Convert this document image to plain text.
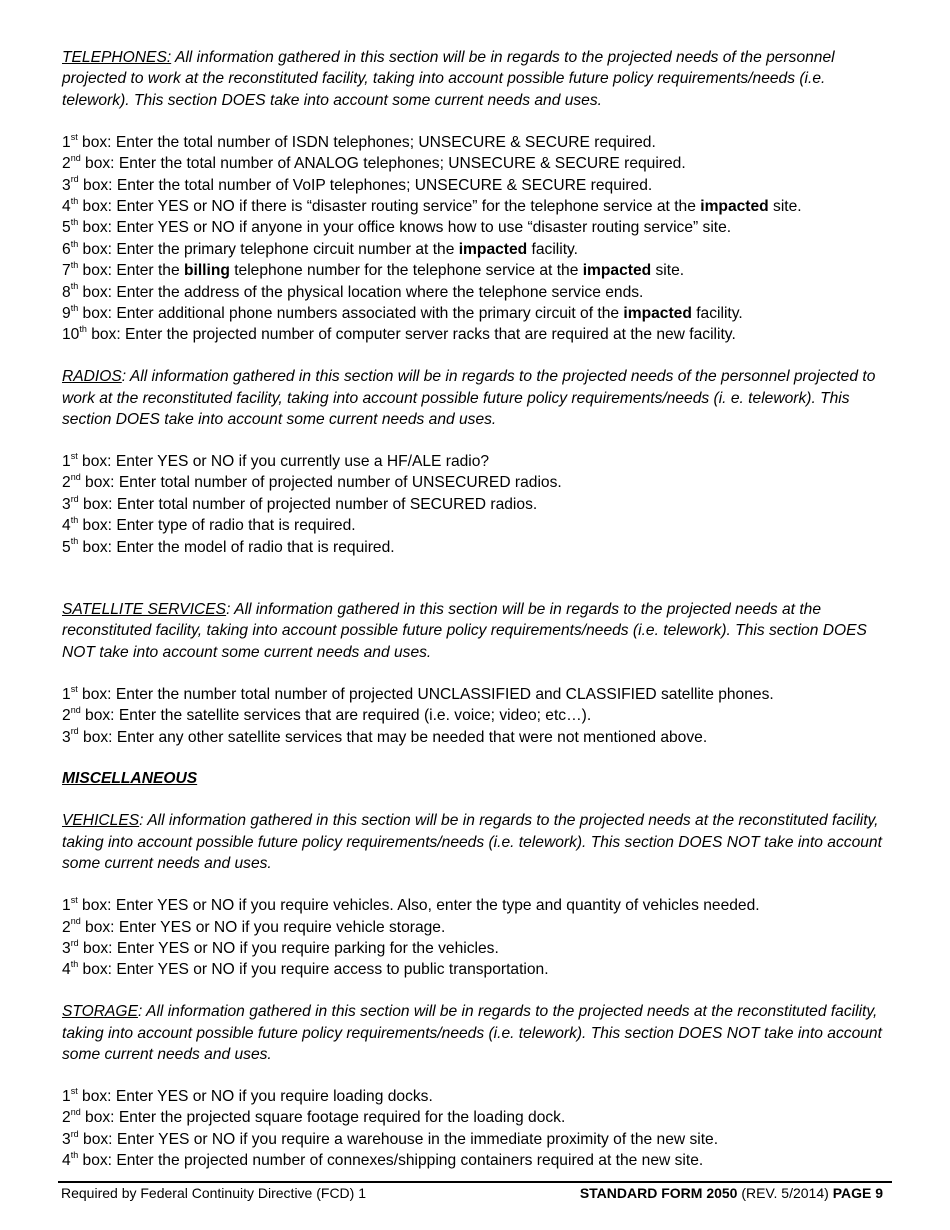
TELEPHONES: All information gathered in this section will be in regards to the projected needs of the personnel projected to work at the reconstituted facility, taking into account possible future policy requirements/needs (i.e. telework). This section DOES take into account some current needs and uses.

1st box: Enter the total number of ISDN telephones; UNSECURE & SECURE required.

2nd box: Enter the total number of ANALOG telephones; UNSECURE & SECURE required.

3rd box: Enter the total number of VoIP telephones; UNSECURE & SECURE required.

4th box: Enter YES or NO if there is “disaster routing service” for the telephone service at the impacted site.

5th box: Enter YES or NO if anyone in your office knows how to use “disaster routing service” site.

6th box: Enter the primary telephone circuit number at the impacted facility.

7th box: Enter the billing telephone number for the telephone service at the impacted site.

8th box: Enter the address of the physical location where the telephone service ends.

9th box: Enter additional phone numbers associated with the primary circuit of the impacted facility.

10th box: Enter the projected number of computer server racks that are required at the new facility.

RADIOS: All information gathered in this section will be in regards to the projected needs of the personnel projected to work at the reconstituted facility, taking into account possible future policy requirements/needs (i. e. telework). This section DOES take into account some current needs and uses.

1st box: Enter YES or NO if you currently use a HF/ALE radio?

2nd box: Enter total number of projected number of UNSECURED radios.

3rd box: Enter total number of projected number of SECURED radios.

4th box: Enter type of radio that is required.

5th box: Enter the model of radio that is required.

SATELLITE SERVICES: All information gathered in this section will be in regards to the projected needs at the reconstituted facility, taking into account possible future policy requirements/needs (i.e. telework). This section DOES NOT take into account some current needs and uses.

1st box: Enter the number total number of projected UNCLASSIFIED and CLASSIFIED satellite phones.

2nd box: Enter the satellite services that are required (i.e. voice; video; etc…).

3rd box: Enter any other satellite services that may be needed that were not mentioned above.

MISCELLANEOUS

VEHICLES: All information gathered in this section will be in regards to the projected needs at the reconstituted facility, taking into account possible future policy requirements/needs (i.e. telework). This section DOES NOT take into account some current needs and uses.

1st box: Enter YES or NO if you require vehicles. Also, enter the type and quantity of vehicles needed.

2nd box: Enter YES or NO if you require vehicle storage.

3rd box: Enter YES or NO if you require parking for the vehicles.

4th box: Enter YES or NO if you require access to public transportation.

STORAGE: All information gathered in this section will be in regards to the projected needs at the reconstituted facility, taking into account possible future policy requirements/needs (i.e. telework). This section DOES NOT take into account some current needs and uses.

1st box: Enter YES or NO if you require loading docks.

2nd box: Enter the projected square footage required for the loading dock.

3rd box: Enter YES or NO if you require a warehouse in the immediate proximity of the new site.

4th box: Enter the projected number of connexes/shipping containers required at the new site.

Required by Federal Continuity Directive (FCD) 1	STANDARD FORM 2050 (REV. 5/2014) PAGE 9
